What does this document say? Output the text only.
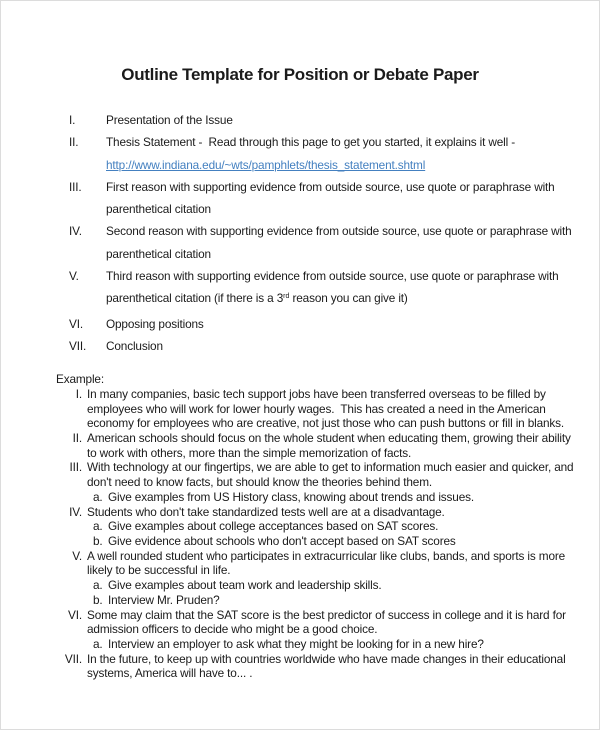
Outline Template for Position or Debate Paper
I.	Presentation of the Issue
II.	Thesis Statement -  Read through this page to get you started, it explains it well -
http://www.indiana.edu/~wts/pamphlets/thesis_statement.shtml
III.	First reason with supporting evidence from outside source, use quote or paraphrase with
parenthetical citation
IV.	Second reason with supporting evidence from outside source, use quote or paraphrase with
parenthetical citation
V.	Third reason with supporting evidence from outside source, use quote or paraphrase with
parenthetical citation (if there is a 3rd reason you can give it)
VI.	Opposing positions
VII.	Conclusion
Example:
I. In many companies, basic tech support jobs have been transferred overseas to be filled by
employees who will work for lower hourly wages.  This has created a need in the American
economy for employees who are creative, not just those who can push buttons or fill in blanks.
II. American schools should focus on the whole student when educating them, growing their ability
to work with others, more than the simple memorization of facts.
III. With technology at our fingertips, we are able to get to information much easier and quicker, and
don't need to know facts, but should know the theories behind them.
a. Give examples from US History class, knowing about trends and issues.
IV. Students who don't take standardized tests well are at a disadvantage.
a. Give examples about college acceptances based on SAT scores.
b. Give evidence about schools who don't accept based on SAT scores
V. A well rounded student who participates in extracurricular like clubs, bands, and sports is more
likely to be successful in life.
a. Give examples about team work and leadership skills.
b. Interview Mr. Pruden?
VI. Some may claim that the SAT score is the best predictor of success in college and it is hard for
admission officers to decide who might be a good choice.
a. Interview an employer to ask what they might be looking for in a new hire?
VII. In the future, to keep up with countries worldwide who have made changes in their educational
systems, America will have to... .
